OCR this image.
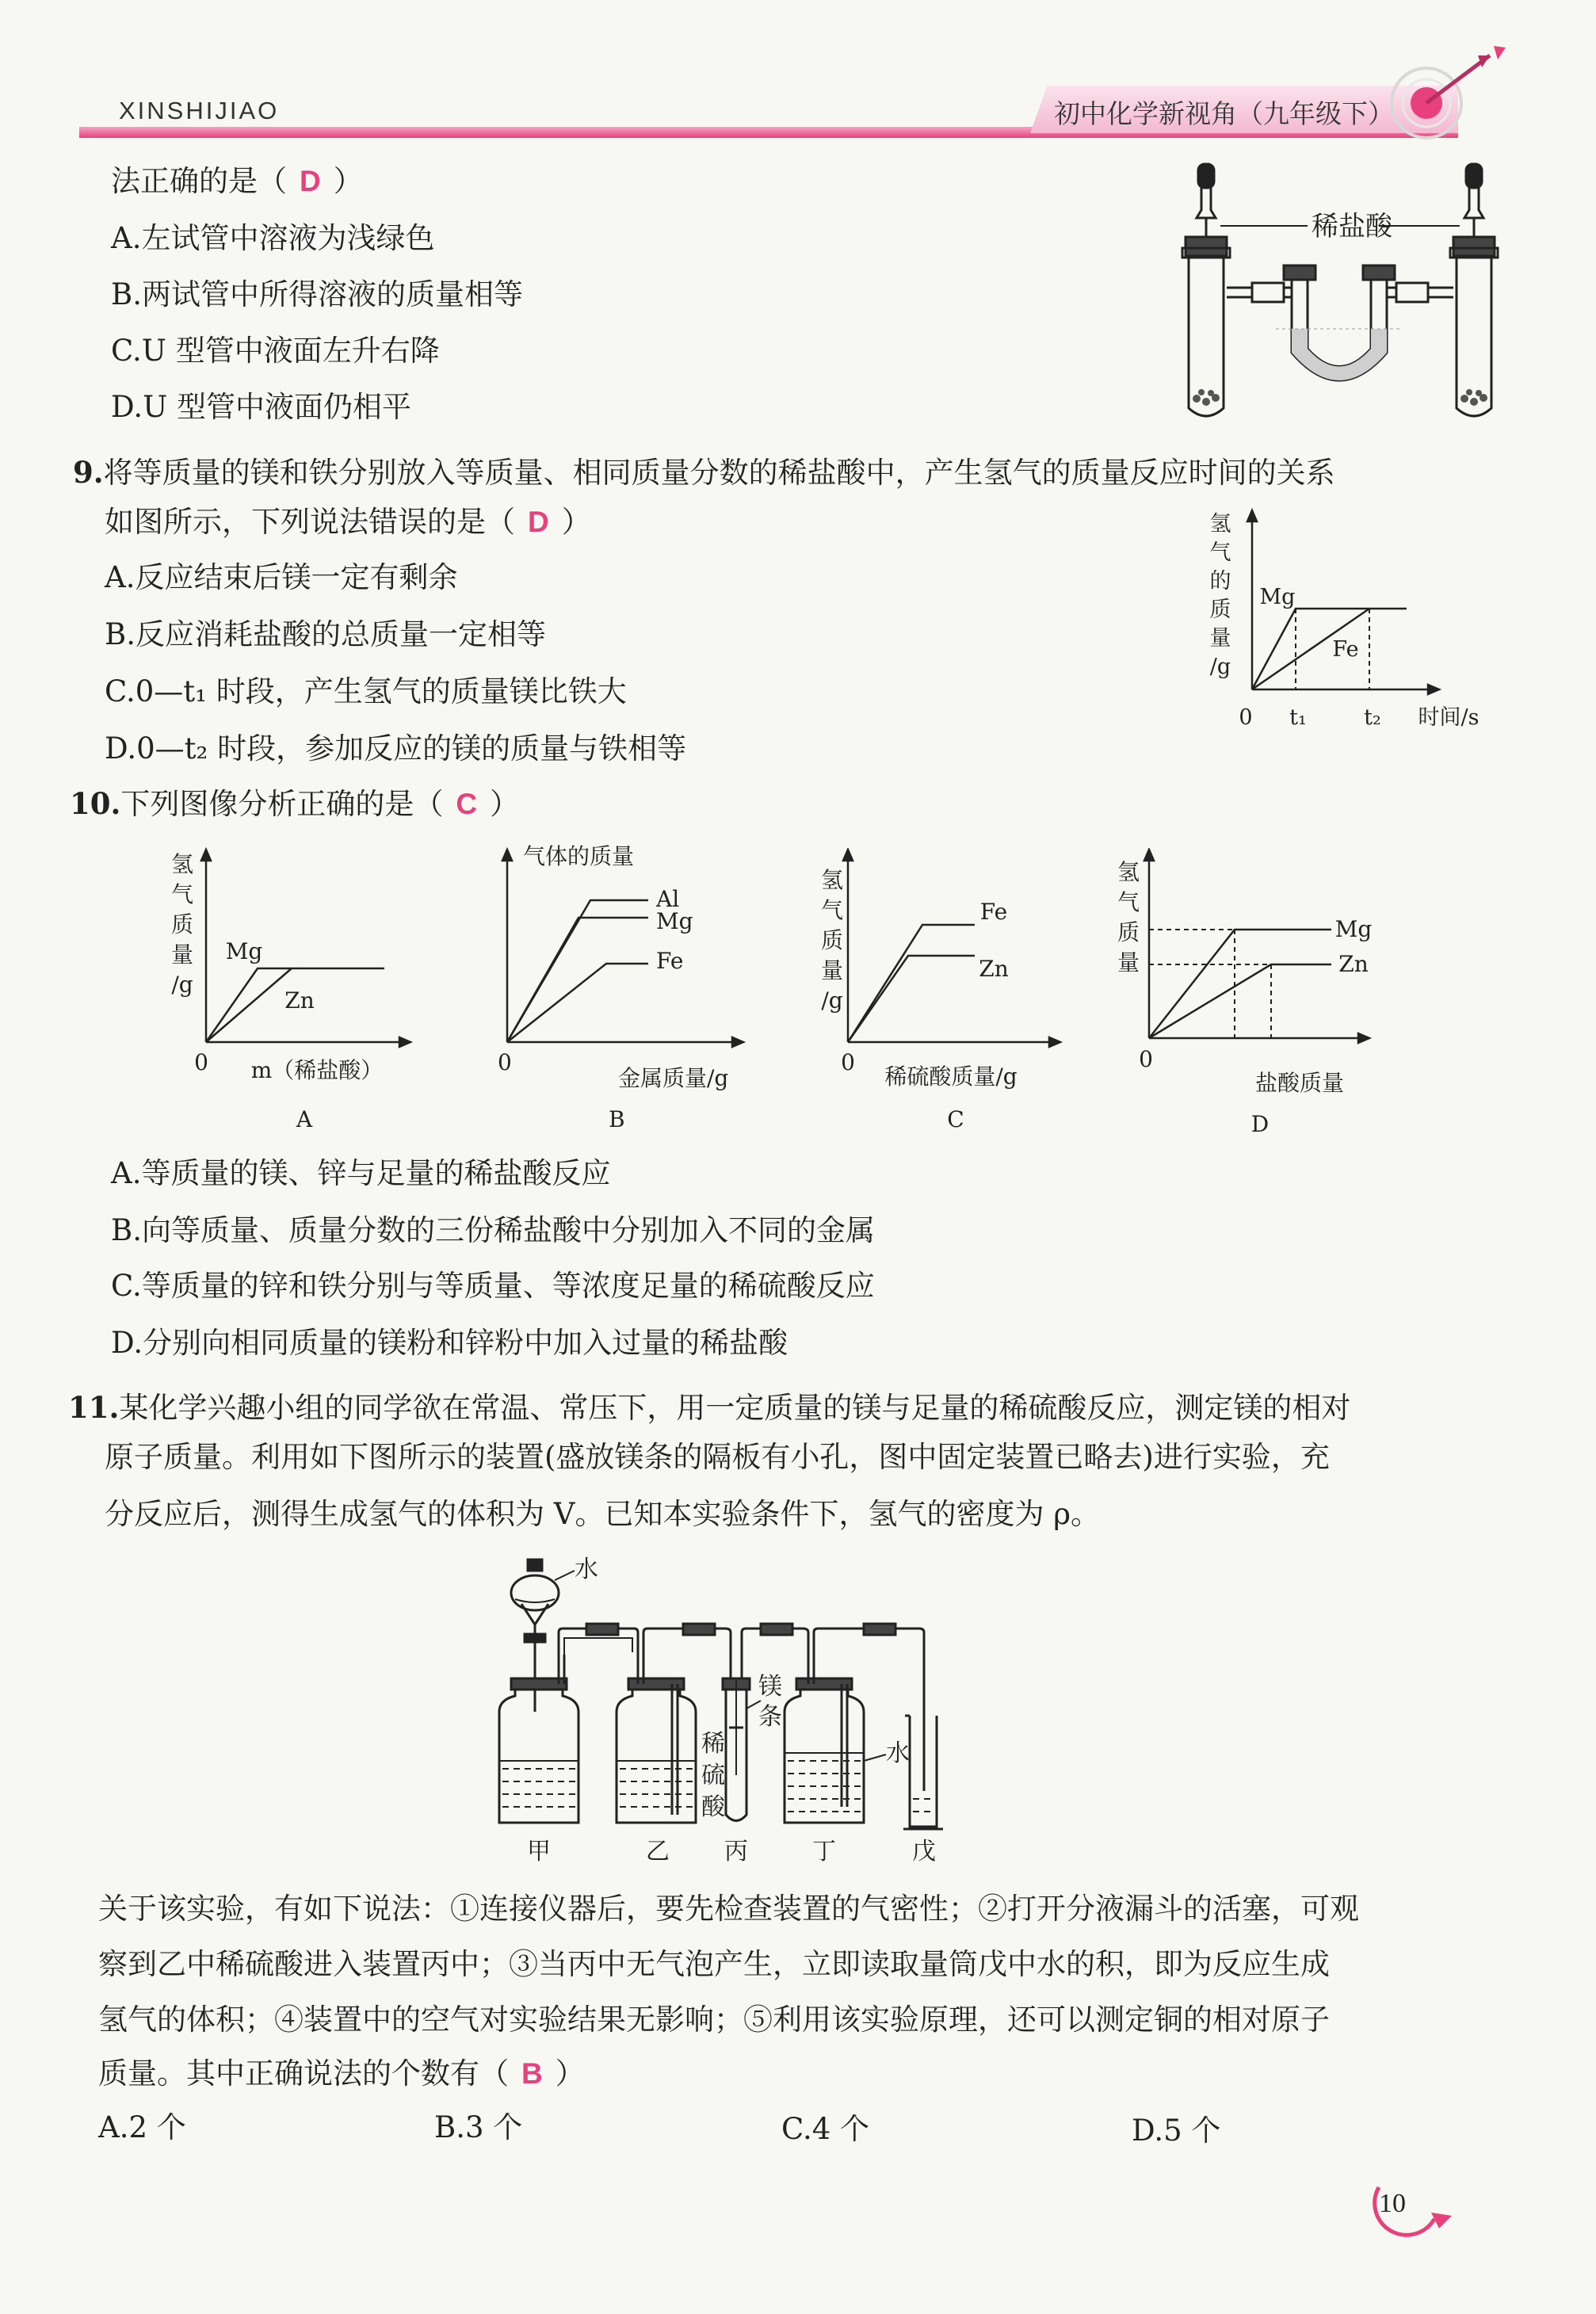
XINSHIJIAO	初中化学新视角（九年级下）
法正确的是（ D ）
A.左试管中溶液为浅绿色
B.两试管中所得溶液的质量相等
C.U 型管中液面左升右降
D.U 型管中液面仍相平
稀盐酸
9.将等质量的镁和铁分别放入等质量、相同质量分数的稀盐酸中，产生氢气的质量反应时间的关系
如图所示，下列说法错误的是（ D ）
A.反应结束后镁一定有剩余
B.反应消耗盐酸的总质量一定相等
C.0—t₁ 时段，产生氢气的质量镁比铁大
D.0—t₂ 时段，参加反应的镁的质量与铁相等
氢
气
的
质
量
/g
0 t₁	t₂ 时间/s
Mg
Fe
10.下列图像分析正确的是（ C ）
氢
气
质
量
/g
0 m（稀盐酸）
Mg
Zn
A
气体的质量
0
金属质量/g
Al
Mg
Fe
B
氢
气
质
量
/g
0
稀硫酸质量/g
Fe
Zn
C
氢
气
质
量
0
盐酸质量
Mg
Zn
D
A.等质量的镁、锌与足量的稀盐酸反应
B.向等质量、质量分数的三份稀盐酸中分别加入不同的金属
C.等质量的锌和铁分别与等质量、等浓度足量的稀硫酸反应
D.分别向相同质量的镁粉和锌粉中加入过量的稀盐酸
11.某化学兴趣小组的同学欲在常温、常压下，用一定质量的镁与足量的稀硫酸反应，测定镁的相对
原子质量。利用如下图所示的装置(盛放镁条的隔板有小孔，图中固定装置已略去)进行实验，充
分反应后，测得生成氢气的体积为 V。已知本实验条件下，氢气的密度为 ρ。
水
稀
硫
酸
镁
条
水
甲	乙 丙	丁	戊
关于该实验，有如下说法：①连接仪器后，要先检查装置的气密性；②打开分液漏斗的活塞，可观
察到乙中稀硫酸进入装置丙中；③当丙中无气泡产生，立即读取量筒戊中水的积，即为反应生成
氢气的体积；④装置中的空气对实验结果无影响；⑤利用该实验原理，还可以测定铜的相对原子
质量。其中正确说法的个数有（ B ）
A.2 个	B.3 个	C.4 个	D.5 个
10
